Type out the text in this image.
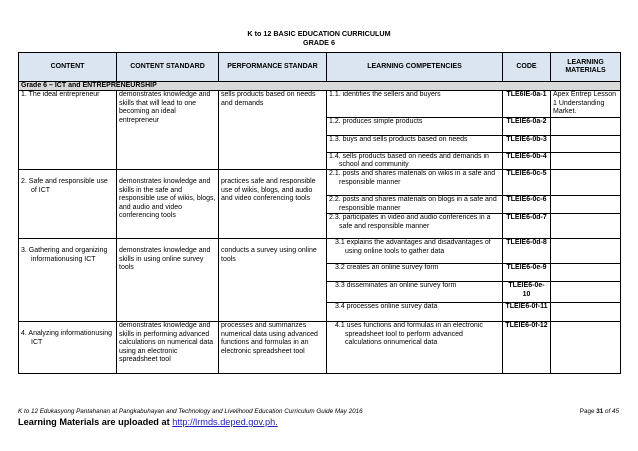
K to 12 BASIC EDUCATION CURRICULUM
GRADE 6
CONTENT	CONTENT STANDARD	PERFORMANCE STANDAR	LEARNING COMPETENCIES	CODE	LEARNING MATERIALS
Grade 6 – ICT and ENTREPRENEURSHIP					

1. The ideal entrepreneur	demonstrates knowledge and skills that will lead to one becoming an ideal entrepreneur	sells products based on needs and demands	1.1. identifies the sellers and buyers	TLE6IE-0a-1	Apex Entrep Lesson 1 Understanding Market.
			1.2. produces simple products	TLEIE6-0a-2	

			1.3. buys and sells products based on needs	TLEIE6-0b-3	

			1.4. sells products based on needs and demands in school and community	TLEIE6-0b-4	

2. Safe and responsible use of ICT	demonstrates knowledge and skills in the safe and responsible use of wikis, blogs, and audio and video conferencing tools	practices safe and responsible use of wikis, blogs, and audio and video conferencing tools	2.1. posts and shares materials on wikis in a safe and responsible manner	TLEIE6-0c-5	

			2.2. posts and shares materials on blogs in a safe and responsible manner	TLEIE6-0c-6	

			2.3. participates in video and audio conferences in a safe and responsible manner	TLEIE6-0d-7	

3. Gathering and organizing informationusing ICT	demonstrates knowledge and skills in using online survey tools	conducts a survey using online tools	3.1 explains the advantages and disadvantages of using online tools to gather data	TLEIE6-0d-8	
			3.2 creates an online survey form	TLEIE6-0e-9	
			3.3 disseminates an online survey form	TLEIE6-0e-10	
			3.4 processes online survey data	TLEIE6-0f-11	

4. Analyzing informationusing ICT	demonstrates knowledge and skills in performing advanced calculations on numerical data using an electronic spreadsheet tool	processes and summarizes numerical data using advanced functions and formulas in an electronic spreadsheet tool	4.1 uses functions and formulas in an electronic spreadsheet tool to perform advanced calculations onnumerical data	TLEIE6-0f-12	
K to 12 Edukasyong Pantahanan at Pangkabuhayan and Technology and Livelihood Education Curriculum Guide May 2016	Page 31 of 45
Learning Materials are uploaded at http://lrmds.deped.gov.ph.
